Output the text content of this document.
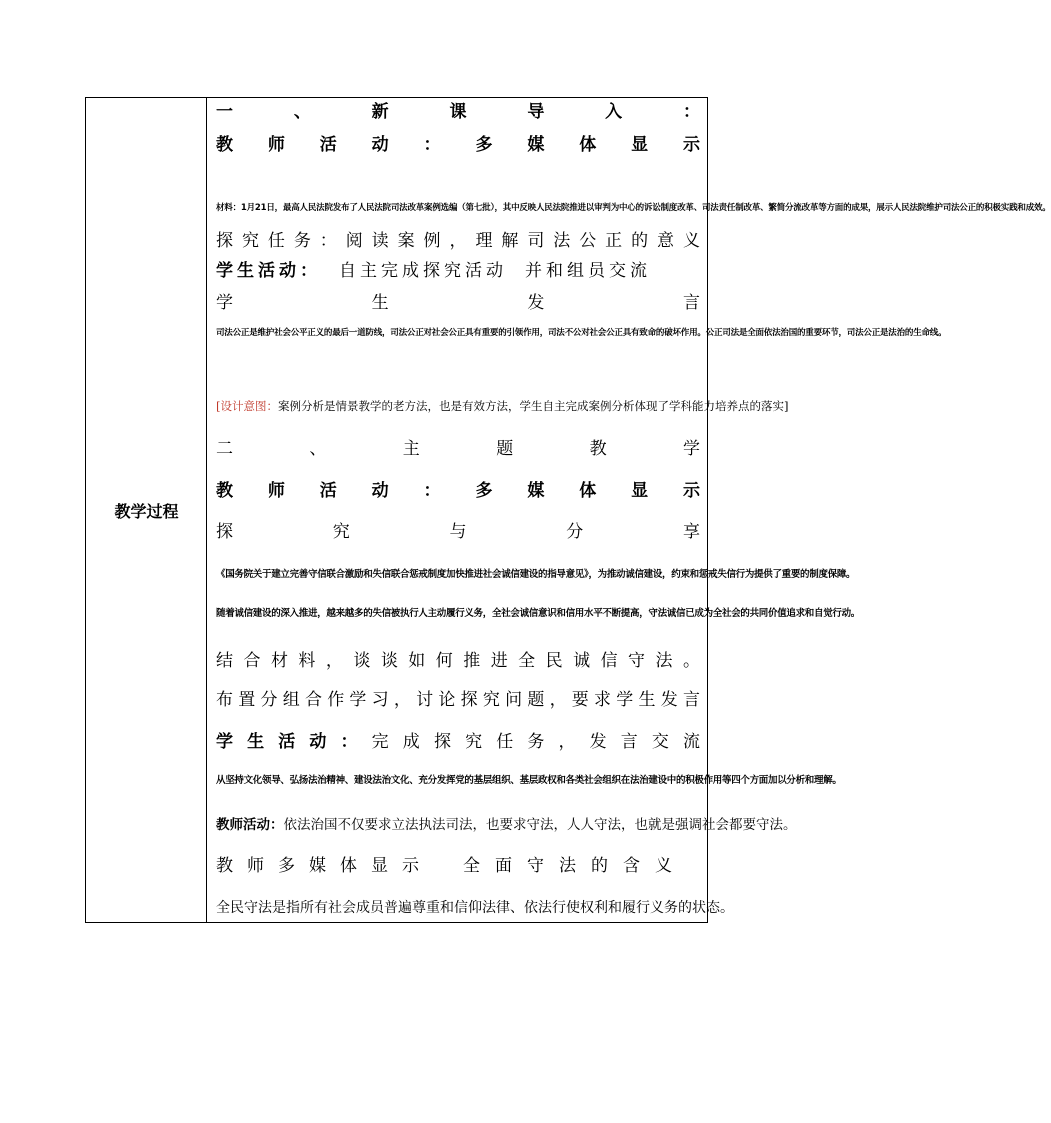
教学过程
一、新课导入：
教师活动：多媒体显示
材料：1月21日，最高人民法院发布了人民法院司法改革案例选编（第七批），其中反映人民法院推进以审判为中心的诉讼制度改革、司法责任制改革、繁简分流改革等方面的成果，展示人民法院维护司法公正的积极实践和成效。
探究任务：阅读案例，理解司法公正的意义
学生活动： 自主完成探究活动 并和组员交流
学生发言
司法公正是维护社会公平正义的最后一道防线，司法公正对社会公正具有重要的引领作用，司法不公对社会公正具有致命的破坏作用。公正司法是全面依法治国的重要环节，司法公正是法治的生命线。
[设计意图：案例分析是情景教学的老方法，也是有效方法，学生自主完成案例分析体现了学科能力培养点的落实]
二、主题教学
教师活动：多媒体显示
探究与分享
《国务院关于建立完善守信联合激励和失信联合惩戒制度加快推进社会诚信建设的指导意见》，为推动诚信建设，约束和惩戒失信行为提供了重要的制度保障。
随着诚信建设的深入推进，越来越多的失信被执行人主动履行义务，全社会诚信意识和信用水平不断提高，守法诚信已成为全社会的共同价值追求和自觉行动。
结合材料，谈谈如何推进全民诚信守法。
布置分组合作学习，讨论探究问题，要求学生发言
学生活动：完成探究任务，发言交流
从坚持文化领导、弘扬法治精神、建设法治文化、充分发挥党的基层组织、基层政权和各类社会组织在法治建设中的积极作用等四个方面加以分析和理解。
教师活动：依法治国不仅要求立法执法司法，也要求守法，人人守法，也就是强调社会都要守法。
教师多媒体显示 全面守法的含义
全民守法是指所有社会成员普遍尊重和信仰法律、依法行使权利和履行义务的状态。
